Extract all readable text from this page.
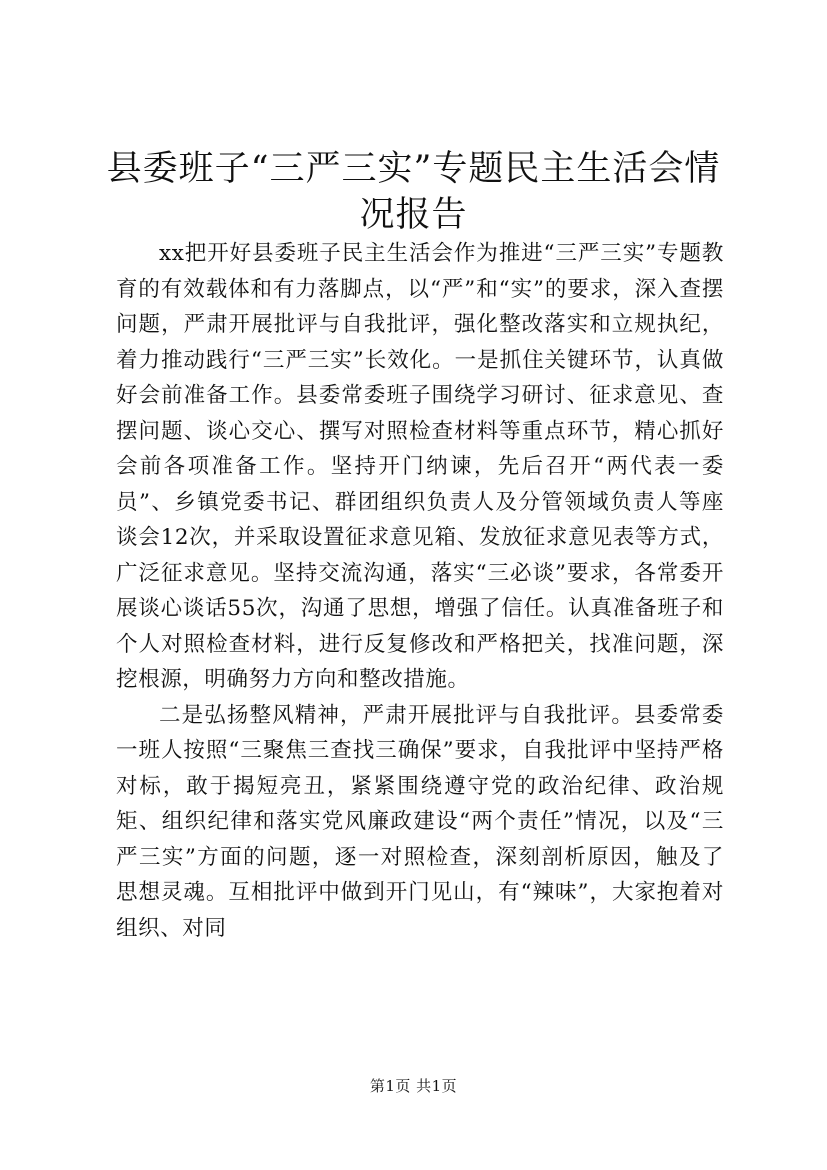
县委班子“三严三实”专题民主生活会情况报告

xx把开好县委班子民主生活会作为推进“三严三实”专题教育的有效载体和有力落脚点，以“严”和“实”的要求，深入查摆问题，严肃开展批评与自我批评，强化整改落实和立规执纪，着力推动践行“三严三实”长效化。一是抓住关键环节，认真做好会前准备工作。县委常委班子围绕学习研讨、征求意见、查摆问题、谈心交心、撰写对照检查材料等重点环节，精心抓好会前各项准备工作。坚持开门纳谏，先后召开“两代表一委员”、乡镇党委书记、群团组织负责人及分管领域负责人等座谈会12次，并采取设置征求意见箱、发放征求意见表等方式，广泛征求意见。坚持交流沟通，落实“三必谈”要求，各常委开展谈心谈话55次，沟通了思想，增强了信任。认真准备班子和个人对照检查材料，进行反复修改和严格把关，找准问题，深挖根源，明确努力方向和整改措施。

二是弘扬整风精神，严肃开展批评与自我批评。县委常委一班人按照“三聚焦三查找三确保”要求，自我批评中坚持严格对标，敢于揭短亮丑，紧紧围绕遵守党的政治纪律、政治规矩、组织纪律和落实党风廉政建设“两个责任”情况，以及“三严三实”方面的问题，逐一对照检查，深刻剖析原因，触及了思想灵魂。互相批评中做到开门见山，有“辣味”，大家抱着对组织、对同

第1页 共1页
